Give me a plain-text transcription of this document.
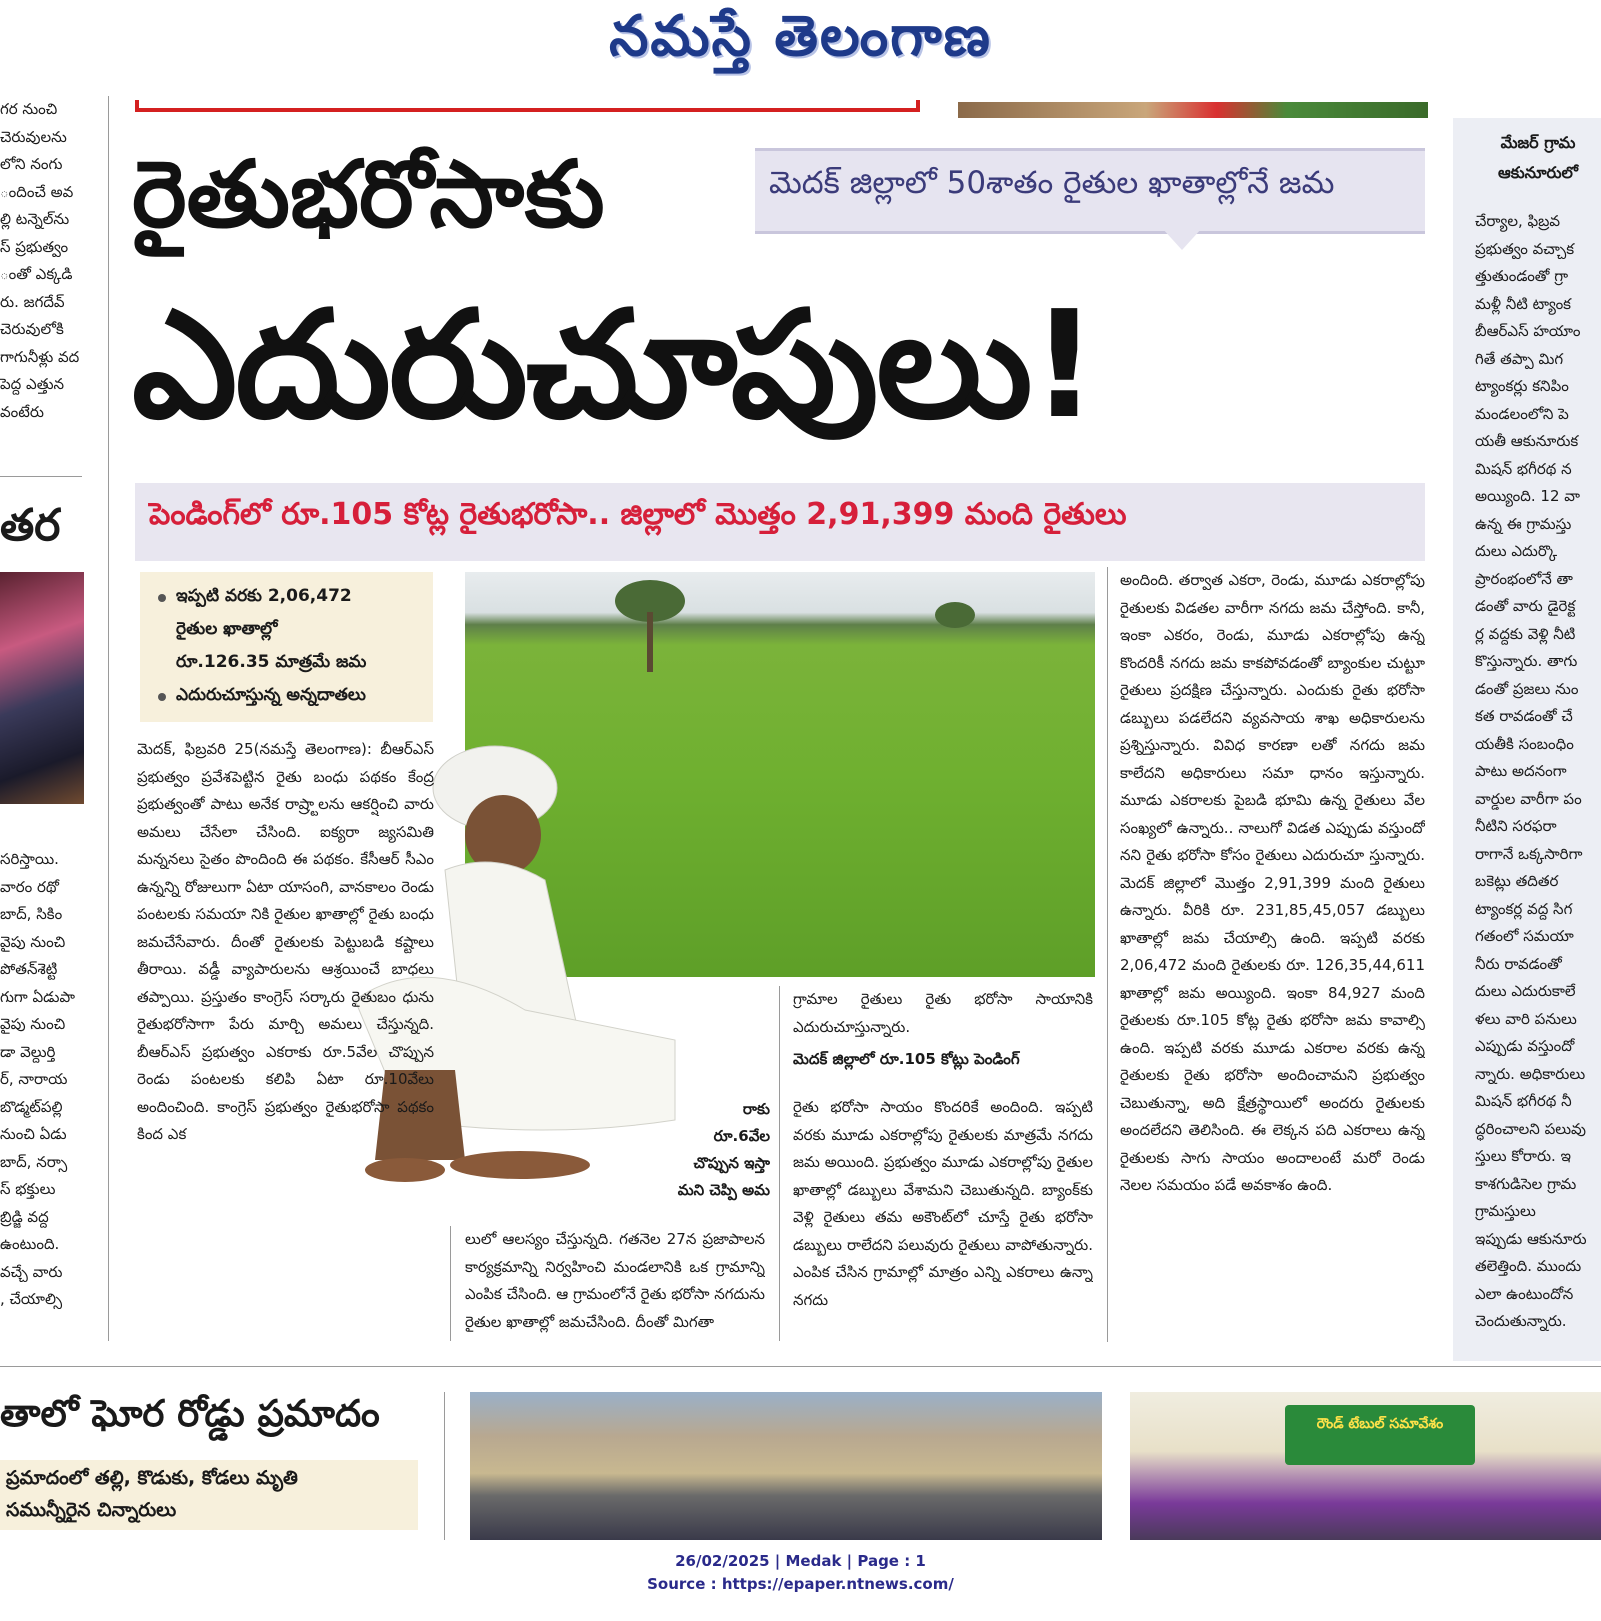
నమస్తే తెలంగాణ
గర నుంచి
చెరువులను
లోని నంగు
ందించే అవ
ల్లి టన్నెల్‌ను
స్ ప్రభుత్వం
ంతో ఎక్కడి
రు. జగదేవ్
చెరువులోకి
గాగునీళ్లు వద
పెద్ద ఎత్తున
వంటేరు
తర
సరిస్తాయి.
వారం రథో
బాద్, సికిం
వైపు నుంచి
పోతన్‌శెట్టి
గుగా ఏడుపా
వైపు నుంచి
డా వెల్దుర్తి
ర్, నారాయ
బొడ్మట్‌పల్లి
నుంచి ఏడు
బాద్, నర్సా
స్ భక్తులు
బ్రిడ్జి వద్ద
ఉంటుంది.
వచ్చే వారు
, చేయాల్సి
రైతుభరోసాకు	మెదక్ జిల్లాలో 50శాతం రైతుల ఖాతాల్లోనే జమ
ఎదురుచూపులు!
పెండింగ్‌లో రూ.105 కోట్ల రైతుభరోసా.. జిల్లాలో మొత్తం 2,91,399 మంది రైతులు
ఇప్పటి వరకు 2,06,472
రైతుల ఖాతాల్లో
రూ.126.35 మాత్రమే జమ
ఎదురుచూస్తున్న అన్నదాతలు
రాకు
రూ.6వేల
చొప్పున ఇస్తా
మని చెప్పి అమ
మెదక్, ఫిబ్రవరి 25(నమస్తే తెలంగాణ): బీఆర్‌ఎస్ ప్రభుత్వం ప్రవేశపెట్టిన రైతు బంధు పథకం కేంద్ర ప్రభుత్వంతో పాటు అనేక రాష్ర్టాలను ఆకర్షించి వారు అమలు చేసేలా చేసింది. ఐక్యరా జ్యసమితి మన్ననలు సైతం పొందింది ఈ పథకం. కేసీఆర్ సీఎం ఉన్నన్ని రోజులుగా ఏటా యాసంగి, వానకాలం రెండు పంటలకు సమయా నికి రైతుల ఖాతాల్లో రైతు బంధు జమచేసేవారు. దీంతో రైతులకు పెట్టుబడి కష్టాలు తీరాయి. వడ్డీ వ్యాపారులను ఆశ్రయించే బాధలు తప్పాయి. ప్రస్తుతం కాంగ్రెస్ సర్కారు రైతుబం ధును రైతుభరోసాగా పేరు మార్చి అమలు చేస్తున్నది. బీఆర్‌ఎస్ ప్రభుత్వం ఎకరాకు రూ.5వేల చొప్పున రెండు పంటలకు కలిపి ఏటా రూ.10వేలు అందించింది. కాంగ్రెస్ ప్రభుత్వం రైతుభరోసా పథకం కింద ఎక
లులో ఆలస్యం చేస్తున్నది. గతనెల 27న ప్రజాపాలన కార్యక్రమాన్ని నిర్వహించి మండలానికి ఒక గ్రామాన్ని ఎంపిక చేసింది. ఆ గ్రామంలోనే రైతు భరోసా నగదును రైతుల ఖాతాల్లో జమచేసింది. దీంతో మిగతా
గ్రామాల రైతులు రైతు భరోసా సాయానికి ఎదురుచూస్తున్నారు.
మెదక్ జిల్లాలో రూ.105 కోట్లు పెండింగ్
రైతు భరోసా సాయం కొందరికే అందింది. ఇప్పటి వరకు మూడు ఎకరాల్లోపు రైతులకు మాత్రమే నగదు జమ అయింది. ప్రభుత్వం మూడు ఎకరాల్లోపు రైతుల ఖాతాల్లో డబ్బులు వేశామని చెబుతున్నది. బ్యాంక్‌కు వెళ్లి రైతులు తమ అకౌంట్‌లో చూస్తే రైతు భరోసా డబ్బులు రాలేదని పలువురు రైతులు వాపోతున్నారు. ఎంపిక చేసిన గ్రామాల్లో మాత్రం ఎన్ని ఎకరాలు ఉన్నా నగదు
అందింది. తర్వాత ఎకరా, రెండు, మూడు ఎకరాల్లోపు రైతులకు విడతల వారీగా నగదు జమ చేస్తోంది. కానీ, ఇంకా ఎకరం, రెండు, మూడు ఎకరాల్లోపు ఉన్న కొందరికీ నగదు జమ కాకపోవడంతో బ్యాంకుల చుట్టూ రైతులు ప్రదక్షిణ చేస్తున్నారు. ఎందుకు రైతు భరోసా డబ్బులు పడలేదని వ్యవసాయ శాఖ అధికారులను ప్రశ్నిస్తున్నారు. వివిధ కారణా లతో నగదు జమ కాలేదని అధికారులు సమా ధానం ఇస్తున్నారు. మూడు ఎకరాలకు పైబడి భూమి ఉన్న రైతులు వేల సంఖ్యలో ఉన్నారు.. నాలుగో విడత ఎప్పుడు వస్తుందో నని రైతు భరోసా కోసం రైతులు ఎదురుచూ స్తున్నారు. మెదక్ జిల్లాలో మొత్తం 2,91,399 మంది రైతులు ఉన్నారు. వీరికి రూ. 231,85,45,057 డబ్బులు ఖాతాల్లో జమ చేయాల్సి ఉంది. ఇప్పటి వరకు 2,06,472 మంది రైతులకు రూ. 126,35,44,611 ఖాతాల్లో జమ అయ్యింది. ఇంకా 84,927 మంది రైతులకు రూ.105 కోట్ల రైతు భరోసా జమ కావాల్సి ఉంది. ఇప్పటి వరకు మూడు ఎకరాల వరకు ఉన్న రైతులకు రైతు భరోసా అందించామని ప్రభుత్వం చెబుతున్నా, అది క్షేత్రస్థాయిలో అందరు రైతులకు అందలేదని తెలిసింది. ఈ లెక్కన పది ఎకరాలు ఉన్న రైతులకు సాగు సాయం అందాలంటే మరో రెండు నెలల సమయం పడే అవకాశం ఉంది.
మేజర్ గ్రామ
ఆకునూరులో
చేర్యాల, ఫిబ్రవ
ప్రభుత్వం వచ్చాక
త్తుతుండంతో గ్రా
మళ్లీ నీటి ట్యాంక
బీఆర్‌ఎస్ హయాం
గితే తప్పా మిగ
ట్యాంకర్లు కనిపిం
మండలంలోని పె
యతీ ఆకునూరుక
మిషన్ భగీరథ న
అయ్యింది. 12 వా
ఉన్న ఈ గ్రామస్తు
దులు ఎదుర్కొ
ప్రారంభంలోనే తా
డంతో వారు డైరెక్ట
ర్ల వద్దకు వెళ్లి నీటి
కొస్తున్నారు. తాగు
డంతో ప్రజలు నుం
కత రావడంతో చే
యతీకి సంబంధిం
పాటు అదనంగా
వార్డుల వారీగా పం
నీటిని సరఫరా
రాగానే ఒక్కసారిగా
బకెట్లు తదితర
ట్యాంకర్ల వద్ద సిగ
గతంలో సమయా
నీరు రావడంతో
దులు ఎదురుకాలే
ళలు వారి పనులు
ఎప్పుడు వస్తుందో
న్నారు. అధికారులు
మిషన్ భగీరథ నీ
ద్ధరించాలని పలువు
స్తులు కోరారు. ఇ
కాశగుడిసెల గ్రామ
గ్రామస్తులు
ఇప్పుడు ఆకునూరు
తలెత్తింది. ముందు
ఎలా ఉంటుందోన
చెందుతున్నారు.
తాలో ఘోర రోడ్డు ప్రమాదం
ప్రమాదంలో తల్లి, కొడుకు, కోడలు మృతి
సమున్నీరైన చిన్నారులు
రౌండ్ టేబుల్ సమావేశం
26/02/2025 | Medak | Page : 1
Source : https://epaper.ntnews.com/
